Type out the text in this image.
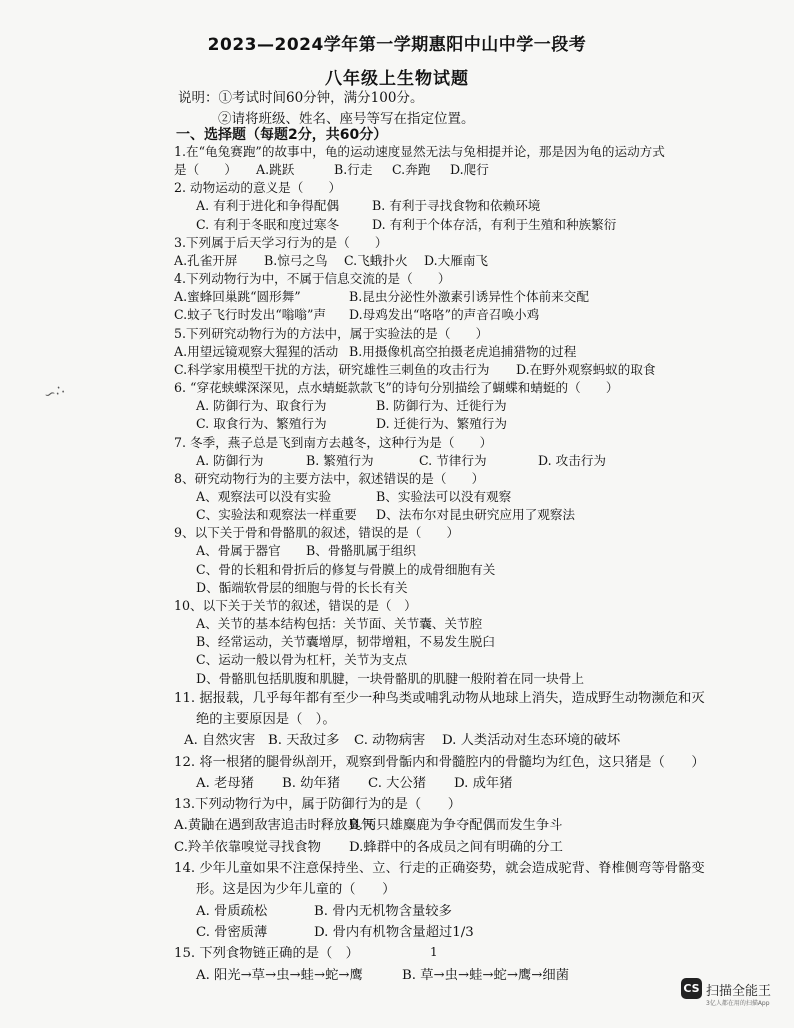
2023—2024学年第一学期惠阳中山中学一段考
八年级上生物试题
说明：①考试时间60分钟，满分100分。
②请将班级、姓名、座号等写在指定位置。
一、选择题（每题2分，共60分）
1.在“龟兔赛跑”的故事中，龟的运动速度显然无法与兔相提并论，那是因为龟的运动方式
是（　　） A.跳跃	B.行走 C.奔跑 D.爬行
2. 动物运动的意义是（　　）
A. 有利于进化和争得配偶	B. 有利于寻找食物和依赖环境
C. 有利于冬眠和度过寒冬	D. 有利于个体存活，有利于生殖和种族繁衍
3.下列属于后天学习行为的是（　　）
A.孔雀开屏 B.惊弓之鸟 C.飞蛾扑火 D.大雁南飞
4.下列动物行为中，不属于信息交流的是（　　）
A.蜜蜂回巢跳“圆形舞”	B.昆虫分泌性外激素引诱异性个体前来交配
C.蚊子飞行时发出“嗡嗡”声 D.母鸡发出“咯咯”的声音召唤小鸡
5.下列研究动物行为的方法中，属于实验法的是（　　）
A.用望远镜观察大猩猩的活动 B.用摄像机高空拍摄老虎追捕猎物的过程
C.科学家用模型干扰的方法，研究雄性三刺鱼的攻击行为 D.在野外观察蚂蚁的取食
6. “穿花蛱蝶深深见，点水蜻蜓款款飞”的诗句分别描绘了蝴蝶和蜻蜓的（　　）
A. 防御行为、取食行为	B. 防御行为、迁徙行为
C. 取食行为、繁殖行为	D. 迁徙行为、繁殖行为
7. 冬季，燕子总是飞到南方去越冬，这种行为是（　　）
A. 防御行为	B. 繁殖行为	C. 节律行为	D. 攻击行为
8、研究动物行为的主要方法中，叙述错误的是（　　）
A、观察法可以没有实验	B、实验法可以没有观察
C、实验法和观察法一样重要 D、法布尔对昆虫研究应用了观察法
9、以下关于骨和骨骼肌的叙述，错误的是（　　）
A、骨属于器官 B、骨骼肌属于组织
C、骨的长粗和骨折后的修复与骨膜上的成骨细胞有关
D、骺端软骨层的细胞与骨的长长有关
10、以下关于关节的叙述，错误的是（　）
A、关节的基本结构包括：关节面、关节囊、关节腔
B、经常运动，关节囊增厚，韧带增粗，不易发生脱臼
C、运动一般以骨为杠杆，关节为支点
D、骨骼肌包括肌腹和肌腱，一块骨骼肌的肌腱一般附着在同一块骨上
11. 据报载，几乎每年都有至少一种鸟类或哺乳动物从地球上消失，造成野生动物濒危和灭
绝的主要原因是（　）。
A. 自然灾害 B. 天敌过多 C. 动物病害 D. 人类活动对生态环境的破坏
12. 将一根猪的腿骨纵剖开，观察到骨骺内和骨髓腔内的骨髓均为红色，这只猪是（　　）
A. 老母猪 B. 幼年猪 C. 大公猪 D. 成年猪
13.下列动物行为中，属于防御行为的是（　　）
A.黄鼬在遇到敌害追击时释放臭气
B.两只雄麋鹿为争夺配偶而发生争斗
C.羚羊依靠嗅觉寻找食物 D.蜂群中的各成员之间有明确的分工
14. 少年儿童如果不注意保持坐、立、行走的正确姿势，就会造成驼背、脊椎侧弯等骨骼变
形。这是因为少年儿童的（　　）
A. 骨质疏松	B. 骨内无机物含量较多
C. 骨密质薄	D. 骨内有机物含量超过1/3
15. 下列食物链正确的是（　）
A. 阳光→草→虫→蛙→蛇→鹰	B. 草→虫→蛙→蛇→鹰→细菌
∽∴
1
CS 扫描全能王
3亿人都在用的扫描App
